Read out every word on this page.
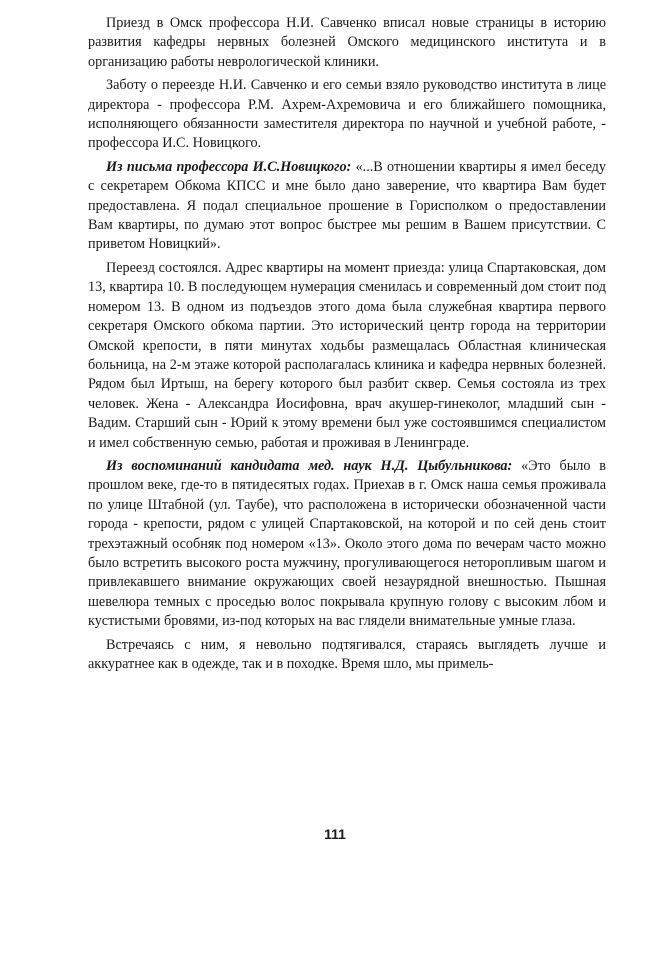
Приезд в Омск профессора Н.И. Савченко вписал новые страницы в историю развития кафедры нервных болезней Омского медицинского института и в организацию работы неврологической клиники.

Заботу о переезде Н.И. Савченко и его семьи взяло руководство института в лице директора - профессора Р.М. Ахрем-Ахремовича и его ближайшего помощника, исполняющего обязанности заместителя директора по научной и учебной работе, - профессора И.С. Новицкого.

Из письма профессора И.С.Новицкого: «...В отношении квартиры я имел беседу с секретарем Обкома КПСС и мне было дано заверение, что квартира Вам будет предоставлена. Я подал специальное прошение в Горисполком о предоставлении Вам квартиры, по думаю этот вопрос быстрее мы решим в Вашем присутствии. С приветом Новицкий».

Переезд состоялся. Адрес квартиры на момент приезда: улица Спартаковская, дом 13, квартира 10. В последующем нумерация сменилась и современный дом стоит под номером 13. В одном из подъездов этого дома была служебная квартира первого секретаря Омского обкома партии. Это исторический центр города на территории Омской крепости, в пяти минутах ходьбы размещалась Областная клиническая больница, на 2-м этаже которой располагалась клиника и кафедра нервных болезней. Рядом был Иртыш, на берегу которого был разбит сквер. Семья состояла из трех человек. Жена - Александра Иосифовна, врач акушер-гинеколог, младший сын - Вадим. Старший сын - Юрий к этому времени был уже состоявшимся специалистом и имел собственную семью, работая и проживая в Ленинграде.

Из воспоминаний кандидата мед. наук Н.Д. Цыбульникова: «Это было в прошлом веке, где-то в пятидесятых годах. Приехав в г. Омск наша семья проживала по улице Штабной (ул. Таубе), что расположена в исторически обозначенной части города - крепости, рядом с улицей Спартаковской, на которой и по сей день стоит трехэтажный особняк под номером «13». Около этого дома по вечерам часто можно было встретить высокого роста мужчину, прогуливающегося неторопливым шагом и привлекавшего внимание окружающих своей незаурядной внешностью. Пышная шевелюра темных с проседью волос покрывала крупную голову с высоким лбом и кустистыми бровями, из-под которых на вас глядели внимательные умные глаза.

Встречаясь с ним, я невольно подтягивался, стараясь выглядеть лучше и аккуратнее как в одежде, так и в походке. Время шло, мы примель-

111
